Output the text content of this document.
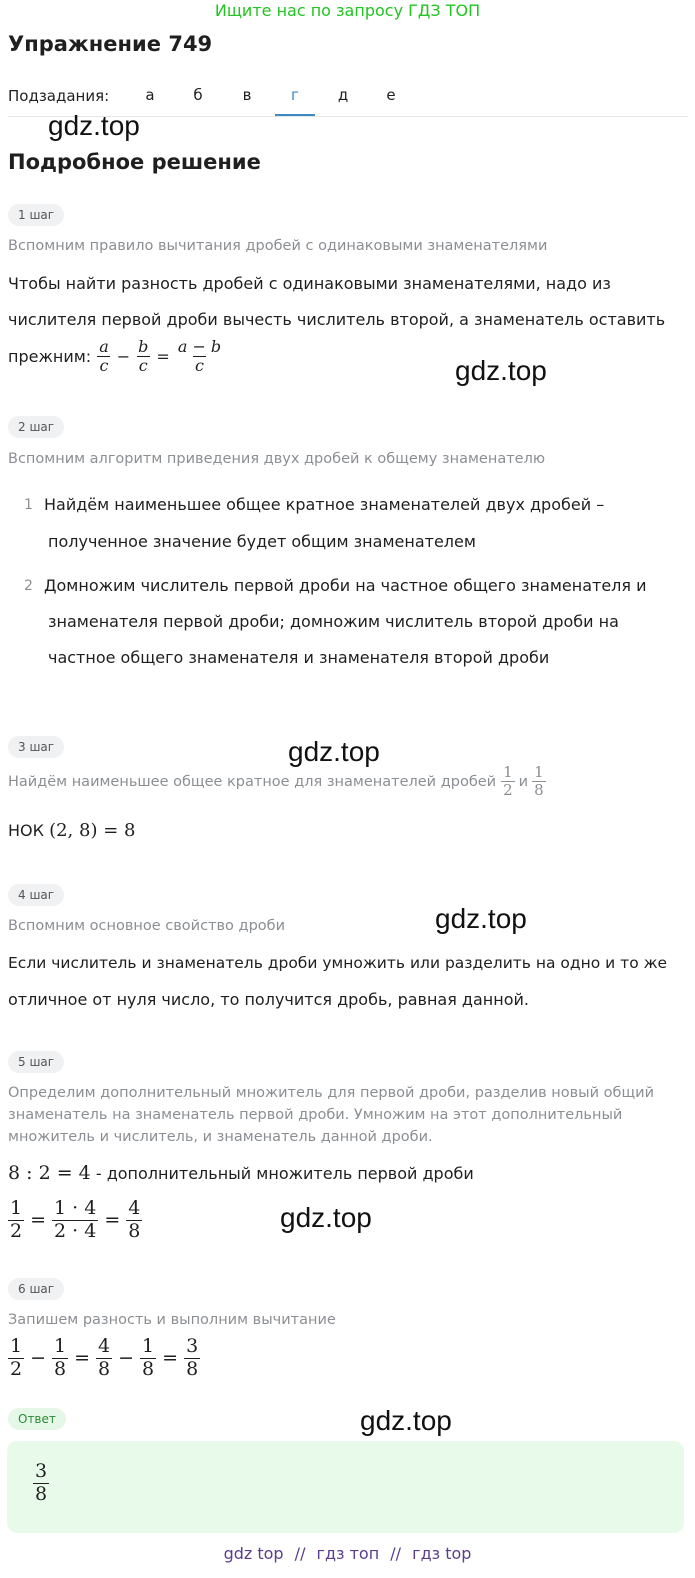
Ищите нас по запросу ГДЗ ТОП
Упражнение 749
Подзадания:	а	б	в	г	д	е
gdz.top
Подробное решение
1 шаг
Вспомним правило вычитания дробей с одинаковыми знаменателями
Чтобы найти разность дробей с одинаковыми знаменателями, надо из
числителя первой дроби вычесть числитель второй, а знаменатель оставить
прежним: $\frac{a}{c} - \frac{b}{c} = \frac{a - b}{c}$	gdz.top
2 шаг
Вспомним алгоритм приведения двух дробей к общему знаменателю
1 Найдём наименьшее общее кратное знаменателей двух дробей –
полученное значение будет общим знаменателем
2 Домножим числитель первой дроби на частное общего знаменателя и
знаменателя первой дроби; домножим числитель второй дроби на
частное общего знаменателя и знаменателя второй дроби
3 шаг	gdz.top
Найдём наименьшее общее кратное для знаменателей дробей $\frac{1}{2}$ и $\frac{1}{8}$
НОК (2, 8) = 8
4 шаг
Вспомним основное свойство дроби	gdz.top
Если числитель и знаменатель дроби умножить или разделить на одно и то же
отличное от нуля число, то получится дробь, равная данной.
5 шаг
Определим дополнительный множитель для первой дроби, разделив новый общий
знаменатель на знаменатель первой дроби. Умножим на этот дополнительный
множитель и числитель, и знаменатель данной дроби.
8 : 2 = 4 - дополнительный множитель первой дроби
$\frac{1}{2} = \frac{1 \cdot 4}{2 \cdot 4} = \frac{4}{8}$	gdz.top
6 шаг
Запишем разность и выполним вычитание
$\frac{1}{2} - \frac{1}{8} = \frac{4}{8} - \frac{1}{8} = \frac{3}{8}$
Ответ	gdz.top
$\frac{3}{8}$
gdz top // гдз топ // гдз top
